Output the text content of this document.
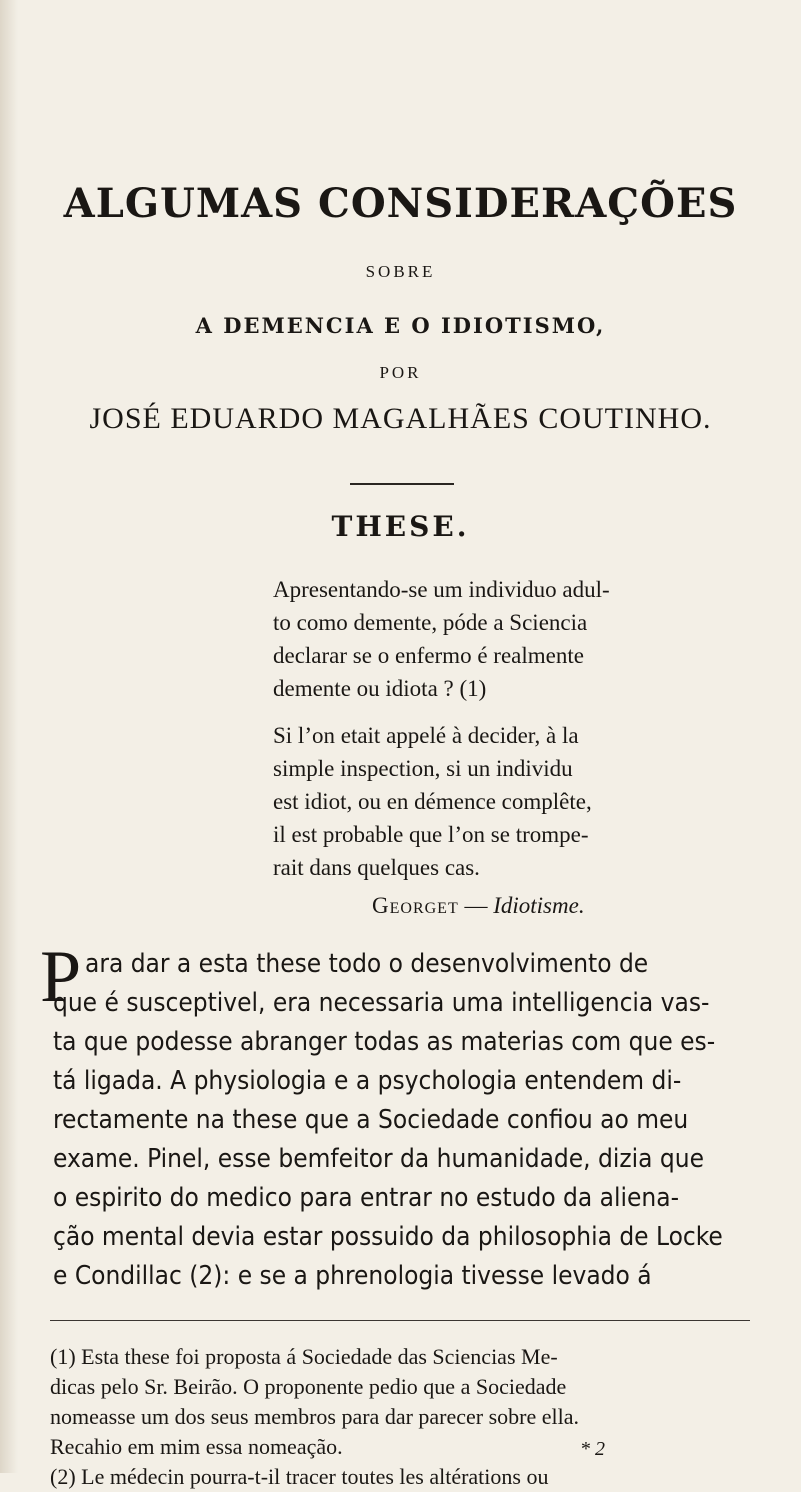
ALGUMAS CONSIDERAÇÕES
SOBRE
A DEMENCIA E O IDIOTISMO,
POR
JOSÉ EDUARDO MAGALHÃES COUTINHO.
THESE.

Apresentando-se um individuo adul-

to como demente, póde a Sciencia

declarar se o enfermo é realmente

demente ou idiota ? (1)

Si l’on etait appelé à decider, à la

simple inspection, si un individu

est idiot, ou en démence complête,

il est probable que l’on se trompe-

rait dans quelques cas.

Georget — Idiotisme.
P ara dar a esta these todo o desenvolvimento de
que é susceptivel, era necessaria uma intelligencia vas-
ta que podesse abranger todas as materias com que es-
tá ligada. A physiologia e a psychologia entendem di-
rectamente na these que a Sociedade confiou ao meu
exame. Pinel, esse bemfeitor da humanidade, dizia que
o espirito do medico para entrar no estudo da aliena-
ção mental devia estar possuido da philosophia de Locke
e Condillac (2): e se a phrenologia tivesse levado á
(1) Esta these foi proposta á Sociedade das Sciencias Me-
dicas pelo Sr. Beirão. O proponente pedio que a Sociedade
nomeasse um dos seus membros para dar parecer sobre ella.
Recahio em mim essa nomeação.
(2) Le médecin pourra-t-il tracer toutes les altérations ou
* 2
